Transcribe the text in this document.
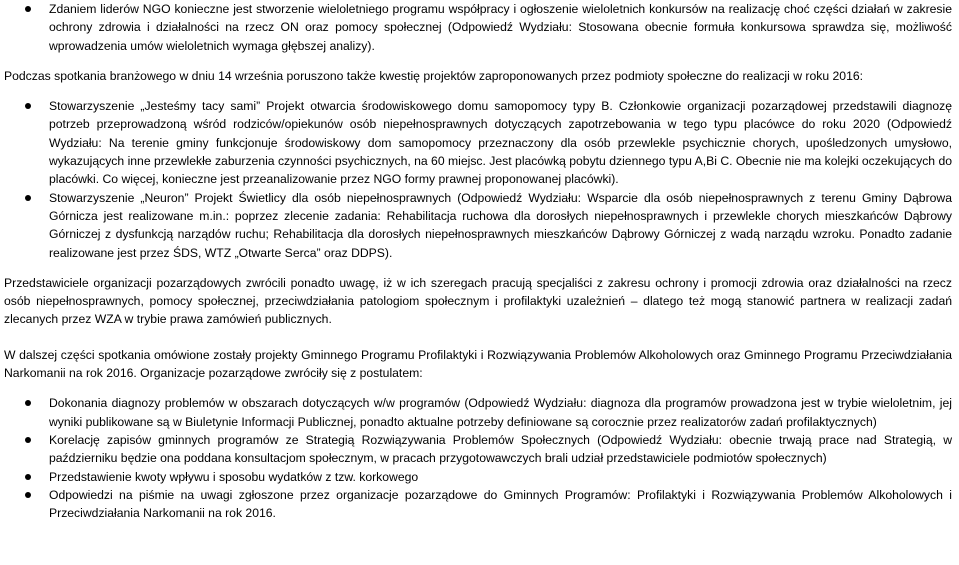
Zdaniem liderów NGO konieczne jest stworzenie wieloletniego programu współpracy i ogłoszenie wieloletnich konkursów na realizację choć części działań w zakresie ochrony zdrowia i działalności na rzecz ON oraz pomocy społecznej (Odpowiedź Wydziału: Stosowana obecnie formuła konkursowa sprawdza się, możliwość wprowadzenia umów wieloletnich wymaga głębszej analizy).

Podczas spotkania branżowego w dniu 14 września poruszono także kwestię projektów zaproponowanych przez podmioty społeczne do realizacji w roku 2016:

Stowarzyszenie „Jesteśmy tacy sami” Projekt otwarcia środowiskowego domu samopomocy typy B. Członkowie organizacji pozarządowej przedstawili diagnozę potrzeb przeprowadzoną wśród rodziców/opiekunów osób niepełnosprawnych dotyczących zapotrzebowania w tego typu placówce do roku 2020 (Odpowiedź Wydziału: Na terenie gminy funkcjonuje środowiskowy dom samopomocy przeznaczony dla osób przewlekle psychicznie chorych, upośledzonych umysłowo, wykazujących inne przewlekłe zaburzenia czynności psychicznych, na 60 miejsc. Jest placówką pobytu dziennego typu A,Bi C. Obecnie nie ma kolejki oczekujących do placówki. Co więcej, konieczne jest przeanalizowanie przez NGO formy prawnej proponowanej placówki).
Stowarzyszenie „Neuron” Projekt Świetlicy dla osób niepełnosprawnych (Odpowiedź Wydziału: Wsparcie dla osób niepełnosprawnych z terenu Gminy Dąbrowa Górnicza jest realizowane m.in.: poprzez zlecenie zadania: Rehabilitacja ruchowa dla dorosłych niepełnosprawnych i przewlekle chorych mieszkańców Dąbrowy Górniczej z dysfunkcją narządów ruchu; Rehabilitacja dla dorosłych niepełnosprawnych mieszkańców Dąbrowy Górniczej z wadą narządu wzroku. Ponadto zadanie realizowane jest przez ŚDS, WTZ „Otwarte Serca” oraz DDPS).

Przedstawiciele organizacji pozarządowych zwrócili ponadto uwagę, iż w ich szeregach pracują specjaliści z zakresu ochrony i promocji zdrowia oraz działalności na rzecz osób niepełnosprawnych, pomocy społecznej, przeciwdziałania patologiom społecznym i profilaktyki uzależnień – dlatego też mogą stanowić partnera w realizacji zadań zlecanych przez WZA w trybie prawa zamówień publicznych.

W dalszej części spotkania omówione zostały projekty Gminnego Programu Profilaktyki i Rozwiązywania Problemów Alkoholowych oraz Gminnego Programu Przeciwdziałania Narkomanii na rok 2016. Organizacje pozarządowe zwróciły się z postulatem:

Dokonania diagnozy problemów w obszarach dotyczących w/w programów (Odpowiedź Wydziału: diagnoza dla programów prowadzona jest w trybie wieloletnim, jej wyniki publikowane są w Biuletynie Informacji Publicznej, ponadto aktualne potrzeby definiowane są corocznie przez realizatorów zadań profilaktycznych)
Korelację zapisów gminnych programów ze Strategią Rozwiązywania Problemów Społecznych (Odpowiedź Wydziału: obecnie trwają prace nad Strategią, w październiku będzie ona poddana konsultacjom społecznym, w pracach przygotowawczych brali udział przedstawiciele podmiotów społecznych)
Przedstawienie kwoty wpływu i sposobu wydatków z tzw. korkowego
Odpowiedzi na piśmie na uwagi zgłoszone przez organizacje pozarządowe do Gminnych Programów: Profilaktyki i Rozwiązywania Problemów Alkoholowych i Przeciwdziałania Narkomanii na rok 2016.
